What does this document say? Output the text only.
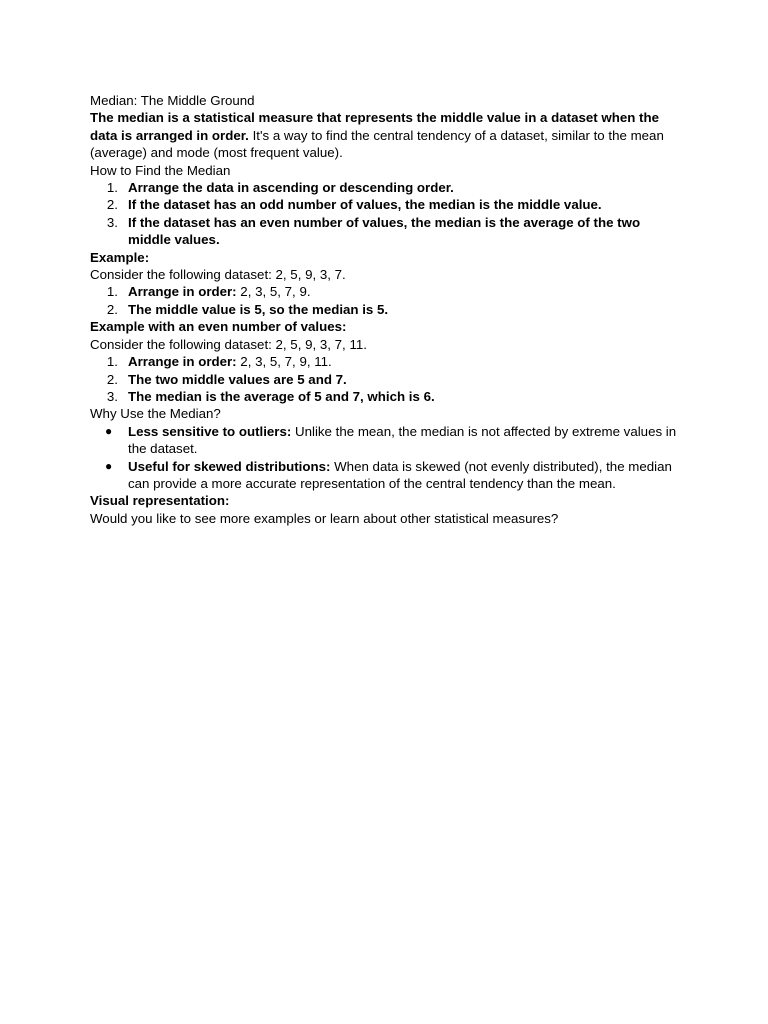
Median: The Middle Ground

The median is a statistical measure that represents the middle value in a dataset when the data is arranged in order. It's a way to find the central tendency of a dataset, similar to the mean (average) and mode (most frequent value).

How to Find the Median

1. Arrange the data in ascending or descending order.
2. If the dataset has an odd number of values, the median is the middle value.
3. If the dataset has an even number of values, the median is the average of the two middle values.

Example:

Consider the following dataset: 2, 5, 9, 3, 7.

1. Arrange in order: 2, 3, 5, 7, 9.
2. The middle value is 5, so the median is 5.

Example with an even number of values:

Consider the following dataset: 2, 5, 9, 3, 7, 11.

1. Arrange in order: 2, 3, 5, 7, 9, 11.
2. The two middle values are 5 and 7.
3. The median is the average of 5 and 7, which is 6.

Why Use the Median?

● Less sensitive to outliers: Unlike the mean, the median is not affected by extreme values in the dataset.
● Useful for skewed distributions: When data is skewed (not evenly distributed), the median can provide a more accurate representation of the central tendency than the mean.

Visual representation:

Would you like to see more examples or learn about other statistical measures?
